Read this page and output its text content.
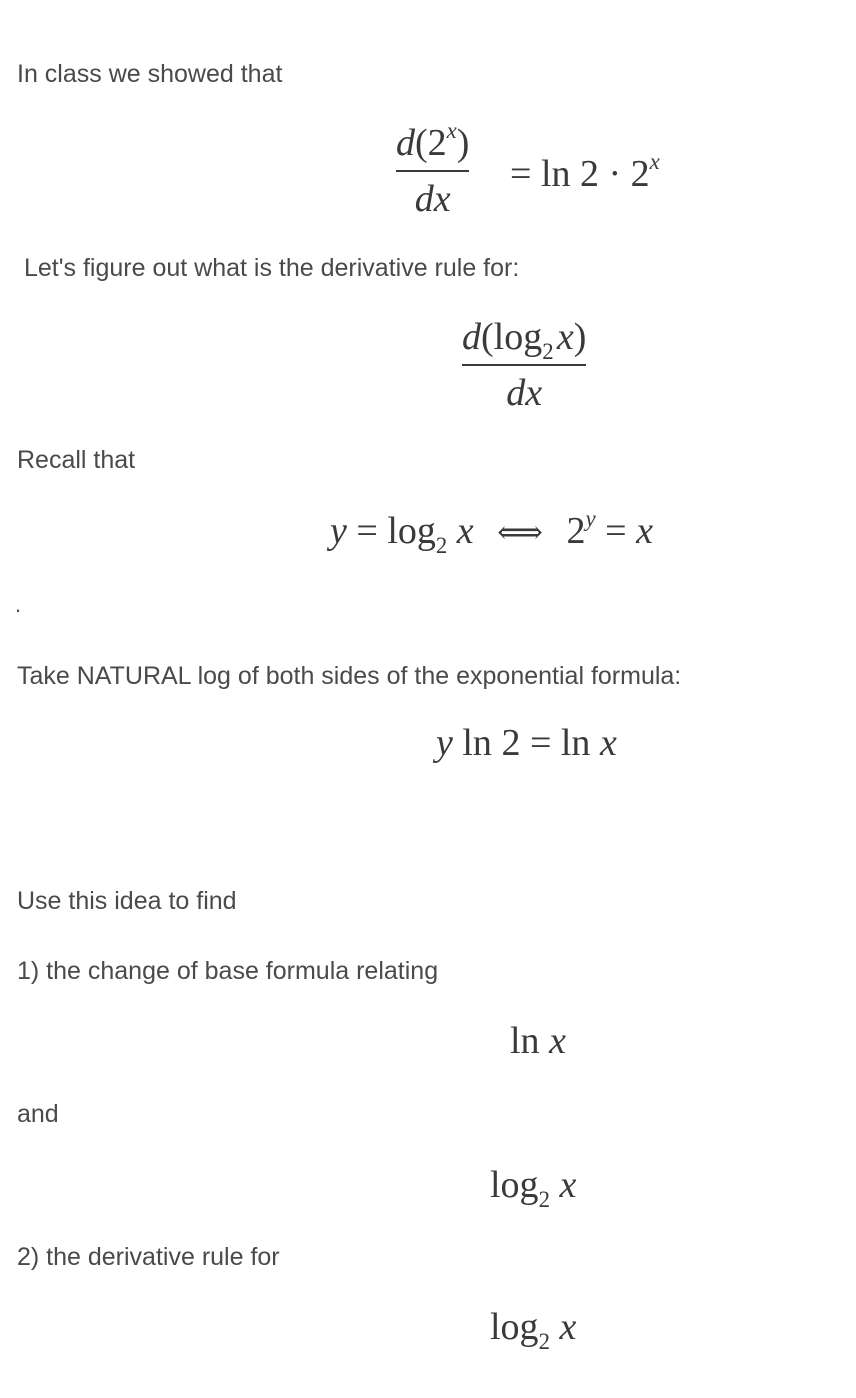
In class we showed that
d(2$^x$)
dx
= $\ln 2 \cdot 2^x$
Let's figure out what is the derivative rule for:
$d(\log_2$ x)
dx
Recall that
$y = \log_2 x$ ⟺ $2^y = x$
.
Take NATURAL log of both sides of the exponential formula:
y ln 2 = ln x
Use this idea to find
1) the change of base formula relating
ln x
and
$\log_2 x$
2) the derivative rule for
$\log_2 x$
